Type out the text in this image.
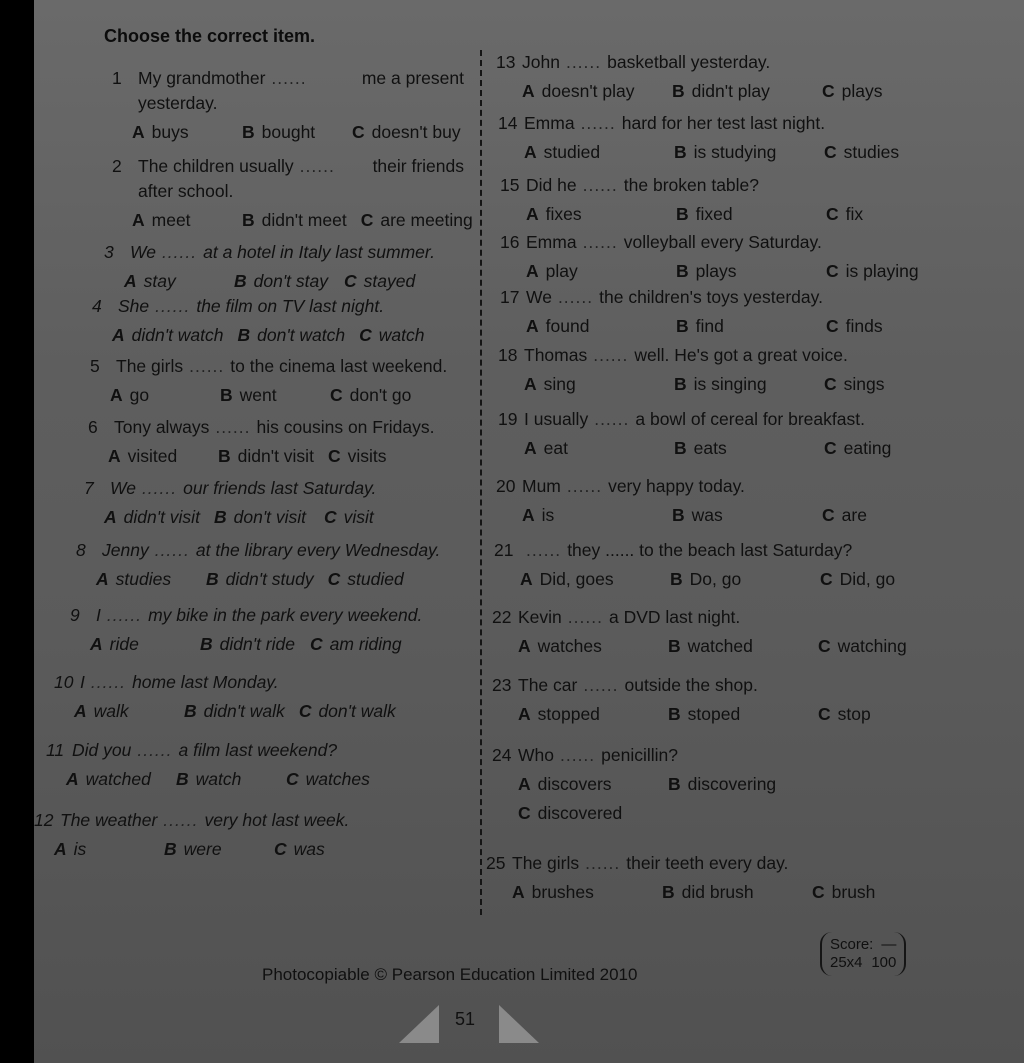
Choose the correct item.
1 My grandmother ......	me a present
yesterday.
A buys	B bought C doesn't buy
2 The children usually ...... their friends
after school.
A meet	B didn't meet C are meeting
3 We ...... at a hotel in Italy last summer.
A stay	B don't stay C stayed
4 She ...... the film on TV last night.
A didn't watch B don't watch C watch
5 The girls ...... to the cinema last weekend.
A go	B went	C don't go
6 Tony always ...... his cousins on Fridays.
A visited B didn't visit C visits
7 We ...... our friends last Saturday.
A didn't visit B don't visit C visit
8 Jenny ...... at the library every Wednesday.
A studies B didn't study C studied
9 I ...... my bike in the park every weekend.
A ride	B didn't ride C am riding
10 I ...... home last Monday.
A walk	B didn't walk C don't walk
11 Did you ...... a film last weekend?
A watched B watch	C watches
12 The weather ...... very hot last week.
A is	B were	C was
13 John ...... basketball yesterday.
A doesn't play B didn't play	C plays
14 Emma ...... hard for her test last night.
A studied	B is studying	C studies
15 Did he ...... the broken table?
A fixes	B fixed	C fix
16 Emma ...... volleyball every Saturday.
A play	B plays	C is playing
17 We ...... the children's toys yesterday.
A found	B find	C finds
18 Thomas ...... well. He's got a great voice.
A sing	B is singing	C sings
19 I usually ...... a bowl of cereal for breakfast.
A eat	B eats	C eating
20 Mum ...... very happy today.
A is	B was	C are
21 ...... they ...... to the beach last Saturday?
A Did, goes	B Do, go	C Did, go
22 Kevin ...... a DVD last night.
A watches	B watched	C watching
23 The car ...... outside the shop.
A stopped	B stoped	C stop
24 Who ...... penicillin?
A discovers	B discovering
C discovered
25 The girls ...... their teeth every day.
A brushes	B did brush	C brush
Score: —
25x4 100
Photocopiable © Pearson Education Limited 2010
51
